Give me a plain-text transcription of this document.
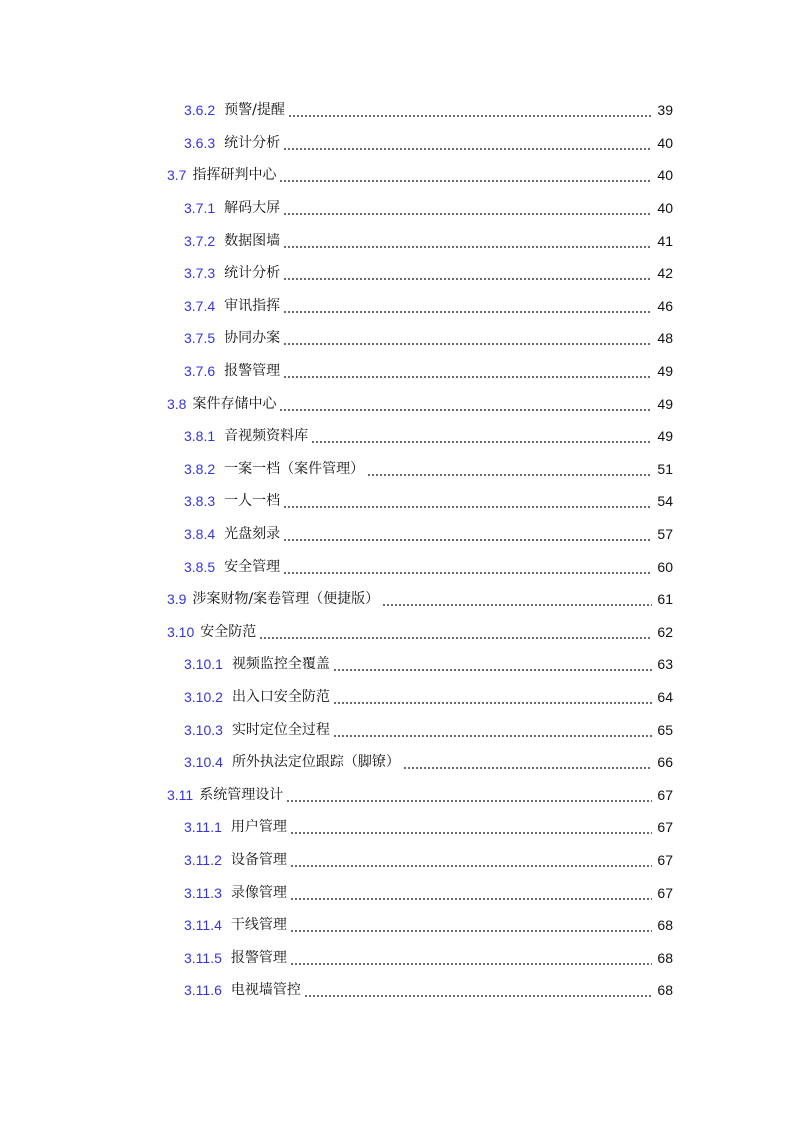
3.6.2 预警/提醒	39
3.6.3 统计分析	40
3.7 指挥研判中心	40
3.7.1 解码大屏	40
3.7.2 数据图墙	41
3.7.3 统计分析	42
3.7.4 审讯指挥	46
3.7.5 协同办案	48
3.7.6 报警管理	49
3.8 案件存储中心	49
3.8.1 音视频资料库	49
3.8.2 一案一档（案件管理）	51
3.8.3 一人一档	54
3.8.4 光盘刻录	57
3.8.5 安全管理	60
3.9 涉案财物/案卷管理（便捷版）	61
3.10 安全防范	62
3.10.1 视频监控全覆盖	63
3.10.2 出入口安全防范	64
3.10.3 实时定位全过程	65
3.10.4 所外执法定位跟踪（脚镣）	66
3.11 系统管理设计	67
3.11.1 用户管理	67
3.11.2 设备管理	67
3.11.3 录像管理	67
3.11.4 干线管理	68
3.11.5 报警管理	68
3.11.6 电视墙管控	68
